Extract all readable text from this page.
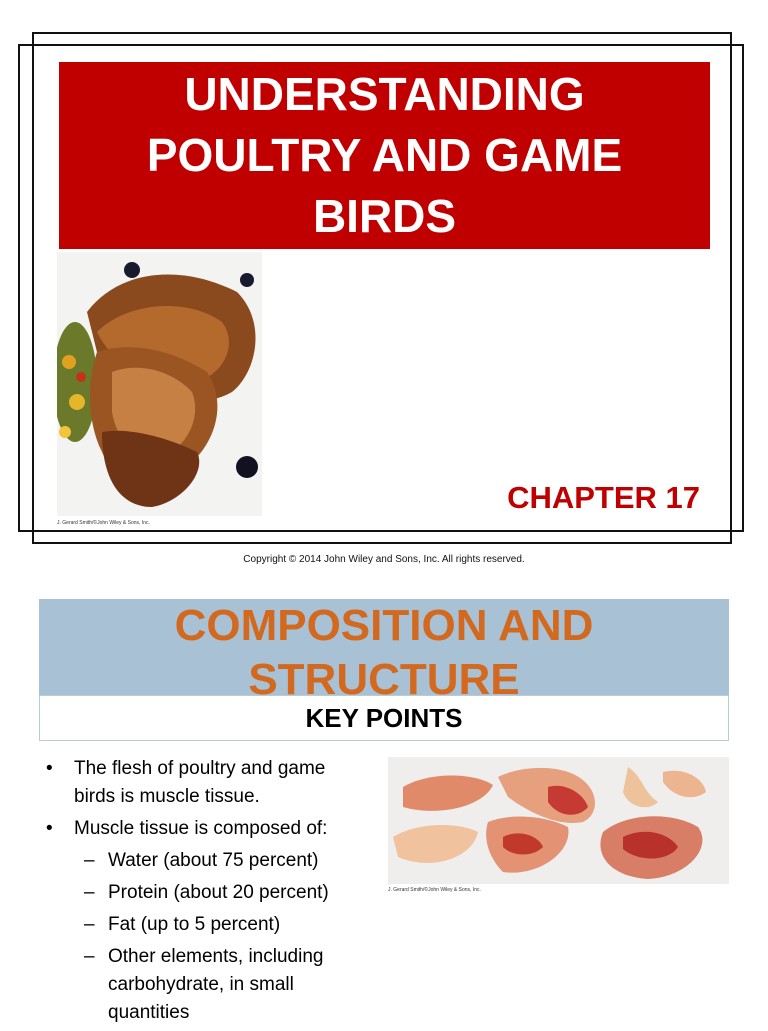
UNDERSTANDING POULTRY AND GAME BIRDS
J. Gerard Smith/©John Wiley & Sons, Inc.
CHAPTER 17
Copyright © 2014 John Wiley and Sons, Inc. All rights reserved.
COMPOSITION AND STRUCTURE
KEY POINTS
• The flesh of poultry and game birds is muscle tissue.
• Muscle tissue is composed of:
– Water (about 75 percent)
– Protein (about 20 percent)
– Fat (up to 5 percent)
– Other elements, including carbohydrate, in small quantities
J. Gerard Smith/©John Wiley & Sons, Inc.
